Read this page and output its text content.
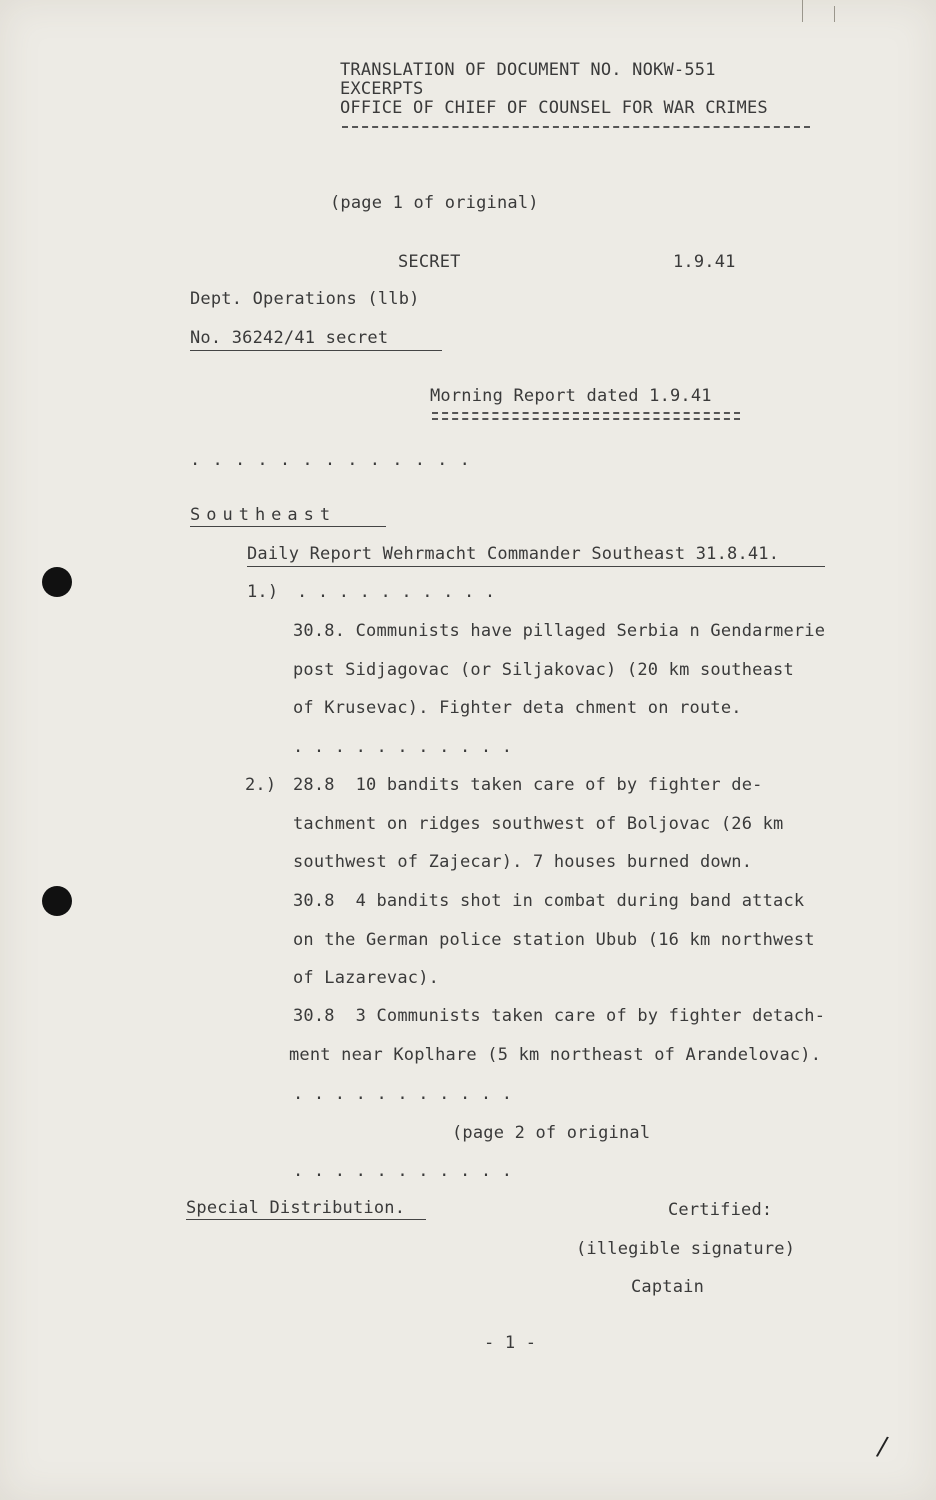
TRANSLATION OF DOCUMENT NO. NOKW-551
EXCERPTS
OFFICE OF CHIEF OF COUNSEL FOR WAR CRIMES
(page 1 of original)
SECRET	1.9.41
Dept. Operations (llb)
No. 36242/41 secret
Morning Report dated 1.9.41
. . . . . . . . . . . . .
Southeast
Daily Report Wehrmacht Commander Southeast 31.8.41.
1.) . . . . . . . . . .
30.8. Communists have pillaged Serbia n Gendarmerie
post Sidjagovac (or Siljakovac) (20 km southeast
of Krusevac). Fighter deta chment on route.
. . . . . . . . . . .
2.) 28.8  10 bandits taken care of by fighter de-
tachment on ridges southwest of Boljovac (26 km
southwest of Zajecar). 7 houses burned down.
30.8  4 bandits shot in combat during band attack
on the German police station Ubub (16 km northwest
of Lazarevac).
30.8  3 Communists taken care of by fighter detach-
ment near Koplhare (5 km northeast of Arandelovac).
. . . . . . . . . . .
(page 2 of original
. . . . . . . . . . .
Special Distribution.	Certified:
(illegible signature)
Captain
- 1 -
/
